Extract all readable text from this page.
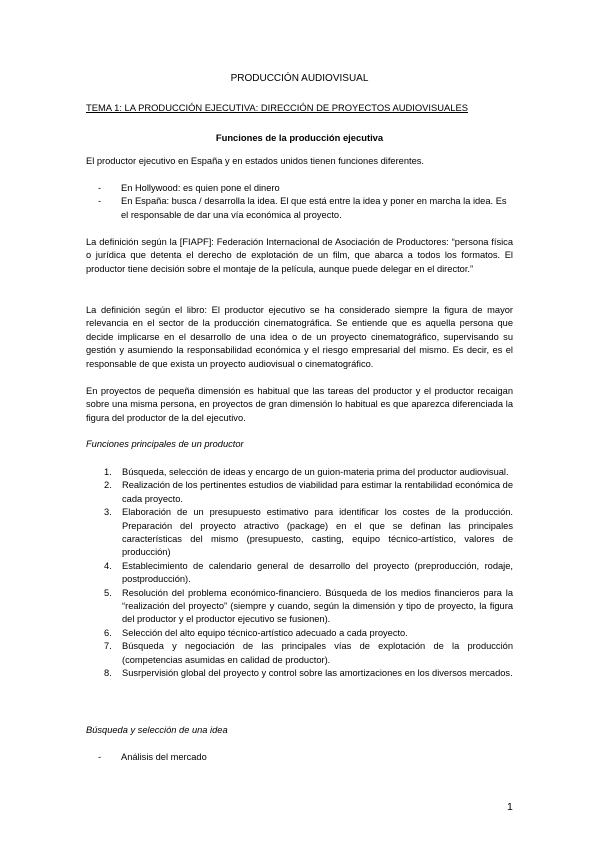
PRODUCCIÓN AUDIOVISUAL
TEMA 1: LA PRODUCCIÓN EJECUTIVA: DIRECCIÓN DE PROYECTOS AUDIOVISUALES
Funciones de la producción ejecutiva
El productor ejecutivo en España y en estados unidos tienen funciones diferentes.
- En Hollywood: es quien pone el dinero
- En España: busca / desarrolla la idea. El que está entre la idea y poner en marcha la idea. Es el responsable de dar una vía económica al proyecto.
La definición según la [FIAPF]: Federación Internacional de Asociación de Productores: “persona física o jurídica que detenta el derecho de explotación de un film, que abarca a todos los formatos. El productor tiene decisión sobre el montaje de la película, aunque puede delegar en el director.”
La definición según el libro: El productor ejecutivo se ha considerado siempre la figura de mayor relevancia en el sector de la producción cinematográfica. Se entiende que es aquella persona que decide implicarse en el desarrollo de una idea o de un proyecto cinematográfico, supervisando su gestión y asumiendo la responsabilidad económica y el riesgo empresarial del mismo. Es decir, es el responsable de que exista un proyecto audiovisual o cinematográfico.
En proyectos de pequeña dimensión es habitual que las tareas del productor y el productor recaigan sobre una misma persona, en proyectos de gran dimensión lo habitual es que aparezca diferenciada la figura del productor de la del ejecutivo.
Funciones principales de un productor
1. Búsqueda, selección de ideas y encargo de un guion-materia prima del productor audiovisual.
2. Realización de los pertinentes estudios de viabilidad para estimar la rentabilidad económica de cada proyecto.
3. Elaboración de un presupuesto estimativo para identificar los costes de la producción. Preparación del proyecto atractivo (package) en el que se definan las principales características del mismo (presupuesto, casting, equipo técnico-artístico, valores de producción)
4. Establecimiento de calendario general de desarrollo del proyecto (preproducción, rodaje, postproducción).
5. Resolución del problema económico-financiero. Búsqueda de los medios financieros para la “realización del proyecto” (siempre y cuando, según la dimensión y tipo de proyecto, la figura del productor y el productor ejecutivo se fusionen).
6. Selección del alto equipo técnico-artístico adecuado a cada proyecto.
7. Búsqueda y negociación de las principales vías de explotación de la producción (competencias asumidas en calidad de productor).
8. Susrpervisión global del proyecto y control sobre las amortizaciones en los diversos mercados.
Búsqueda y selección de una idea
- Análisis del mercado
1
